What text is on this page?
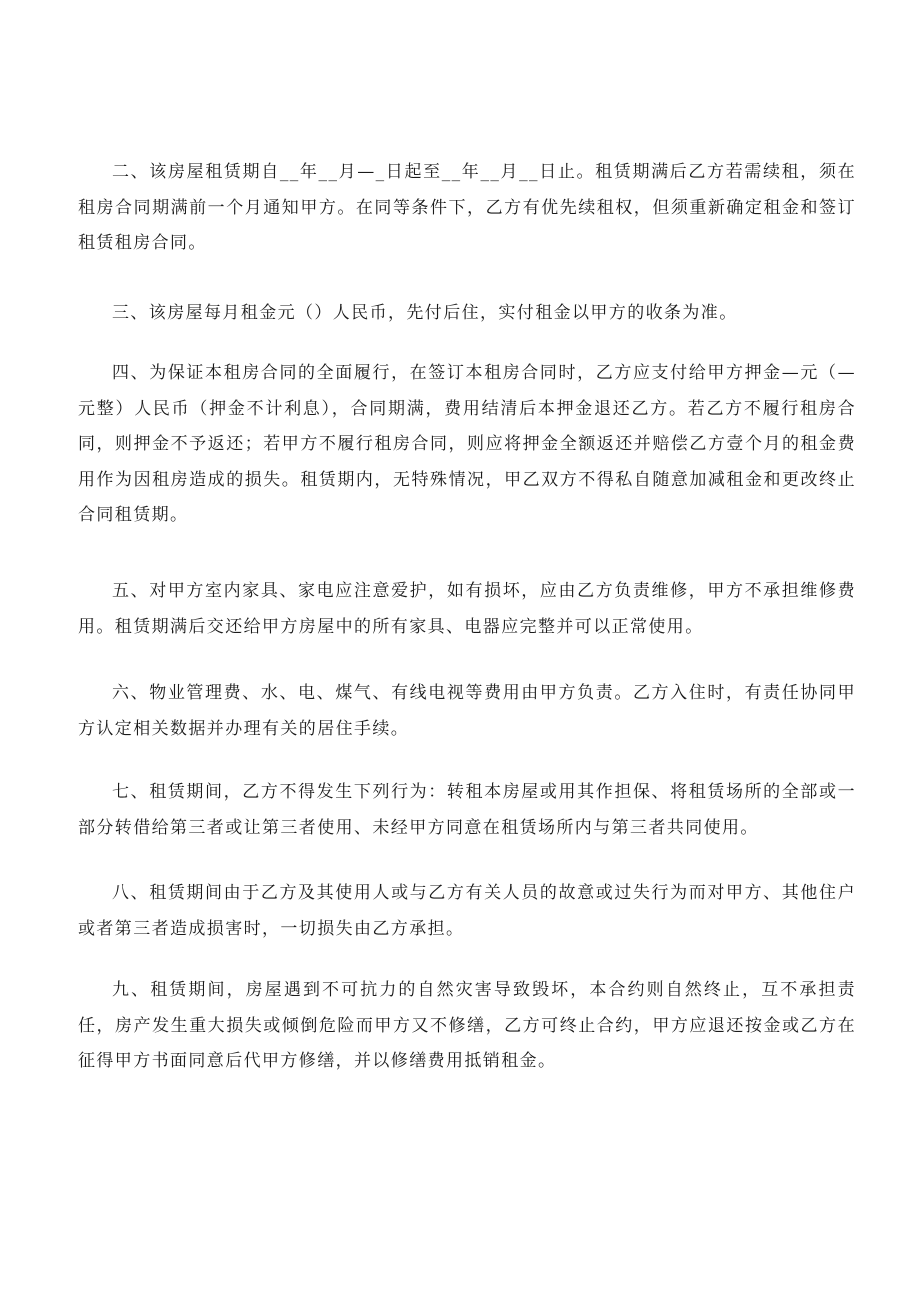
二、该房屋租赁期自__年__月—_日起至__年__月__日止。租赁期满后乙方若需续租，须在租房合同期满前一个月通知甲方。在同等条件下，乙方有优先续租权，但须重新确定租金和签订租赁租房合同。

三、该房屋每月租金元（）人民币，先付后住，实付租金以甲方的收条为准。

四、为保证本租房合同的全面履行，在签订本租房合同时，乙方应支付给甲方押金—元（—元整）人民币（押金不计利息），合同期满，费用结清后本押金退还乙方。若乙方不履行租房合同，则押金不予返还；若甲方不履行租房合同，则应将押金全额返还并赔偿乙方壹个月的租金费用作为因租房造成的损失。租赁期内，无特殊情况，甲乙双方不得私自随意加减租金和更改终止合同租赁期。

五、对甲方室内家具、家电应注意爱护，如有损坏，应由乙方负责维修，甲方不承担维修费用。租赁期满后交还给甲方房屋中的所有家具、电器应完整并可以正常使用。

六、物业管理费、水、电、煤气、有线电视等费用由甲方负责。乙方入住时，有责任协同甲方认定相关数据并办理有关的居住手续。

七、租赁期间，乙方不得发生下列行为：转租本房屋或用其作担保、将租赁场所的全部或一部分转借给第三者或让第三者使用、未经甲方同意在租赁场所内与第三者共同使用。

八、租赁期间由于乙方及其使用人或与乙方有关人员的故意或过失行为而对甲方、其他住户或者第三者造成损害时，一切损失由乙方承担。

九、租赁期间，房屋遇到不可抗力的自然灾害导致毁坏，本合约则自然终止，互不承担责任，房产发生重大损失或倾倒危险而甲方又不修缮，乙方可终止合约，甲方应退还按金或乙方在征得甲方书面同意后代甲方修缮，并以修缮费用抵销租金。
